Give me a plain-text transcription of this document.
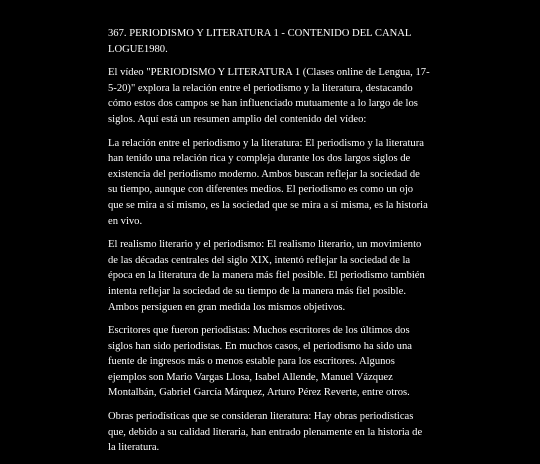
367. PERIODISMO Y LITERATURA 1 - CONTENIDO DEL CANAL LOGUE1980.

El vídeo "PERIODISMO Y LITERATURA 1 (Clases online de Lengua, 17-5-20)" explora la relación entre el periodismo y la literatura, destacando cómo estos dos campos se han influenciado mutuamente a lo largo de los siglos. Aquí está un resumen amplio del contenido del vídeo:

La relación entre el periodismo y la literatura: El periodismo y la literatura han tenido una relación rica y compleja durante los dos largos siglos de existencia del periodismo moderno. Ambos buscan reflejar la sociedad de su tiempo, aunque con diferentes medios. El periodismo es como un ojo que se mira a sí mismo, es la sociedad que se mira a sí misma, es la historia en vivo.

El realismo literario y el periodismo: El realismo literario, un movimiento de las décadas centrales del siglo XIX, intentó reflejar la sociedad de la época en la literatura de la manera más fiel posible. El periodismo también intenta reflejar la sociedad de su tiempo de la manera más fiel posible. Ambos persiguen en gran medida los mismos objetivos.

Escritores que fueron periodistas: Muchos escritores de los últimos dos siglos han sido periodistas. En muchos casos, el periodismo ha sido una fuente de ingresos más o menos estable para los escritores. Algunos ejemplos son Mario Vargas Llosa, Isabel Allende, Manuel Vázquez Montalbán, Gabriel García Márquez, Arturo Pérez Reverte, entre otros.

Obras periodísticas que se consideran literatura: Hay obras periodísticas que, debido a su calidad literaria, han entrado plenamente en la historia de la literatura.
